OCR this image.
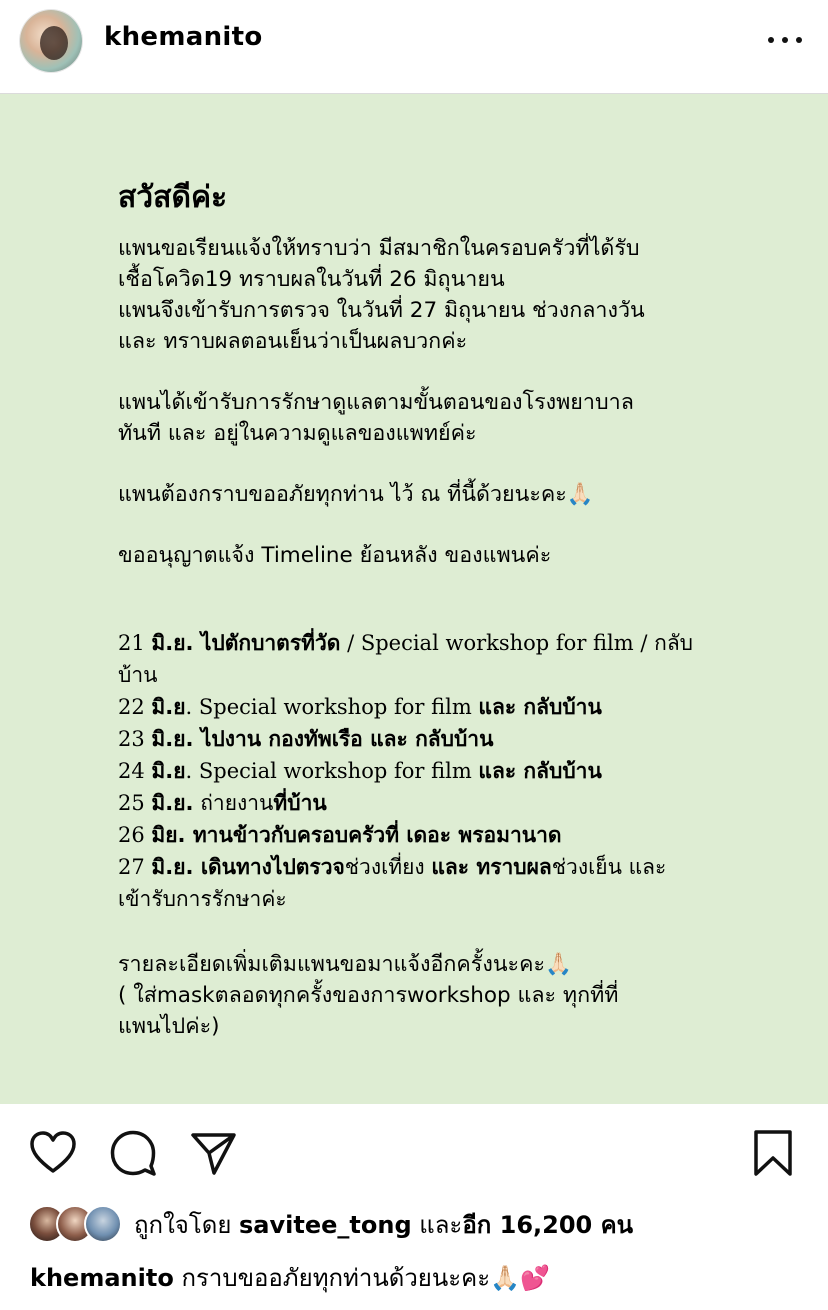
khemanito
สวัสดีค่ะ

แพนขอเรียนแจ้งให้ทราบว่า มีสมาชิกในครอบครัวที่ได้รับ

เชื้อโควิด19 ทราบผลในวันที่ 26 มิถุนายน

แพนจึงเข้ารับการตรวจ ในวันที่ 27 มิถุนายน ช่วงกลางวัน

และ ทราบผลตอนเย็นว่าเป็นผลบวกค่ะ

แพนได้เข้ารับการรักษาดูแลตามขั้นตอนของโรงพยาบาล

ทันที และ อยู่ในความดูแลของแพทย์ค่ะ

แพนต้องกราบขออภัยทุกท่าน ไว้ ณ ที่นี้ด้วยนะคะ🙏🏻

ขออนุญาตแจ้ง Timeline ย้อนหลัง ของแพนค่ะ

21 มิ.ย. ไปตักบาตรที่วัด / Special workshop for film / กลับ
บ้าน
22 มิ.ย. Special workshop for film และ กลับบ้าน
23 มิ.ย. ไปงาน กองทัพเรือ และ กลับบ้าน
24 มิ.ย. Special workshop for film และ กลับบ้าน
25 มิ.ย. ถ่ายงานที่บ้าน
26 มิย. ทานข้าวกับครอบครัวที่ เดอะ พรอมานาด
27 มิ.ย. เดินทางไปตรวจช่วงเที่ยง และ ทราบผลช่วงเย็น และ
เข้ารับการรักษาค่ะ

รายละเอียดเพิ่มเติมแพนขอมาแจ้งอีกครั้งนะคะ🙏🏻

( ใส่maskตลอดทุกครั้งของการworkshop และ ทุกที่ที่

แพนไปค่ะ)

ถูกใจโดย savitee_tong และอีก 16,200 คน
khemanito กราบขออภัยทุกท่านด้วยนะคะ🙏🏻💕
